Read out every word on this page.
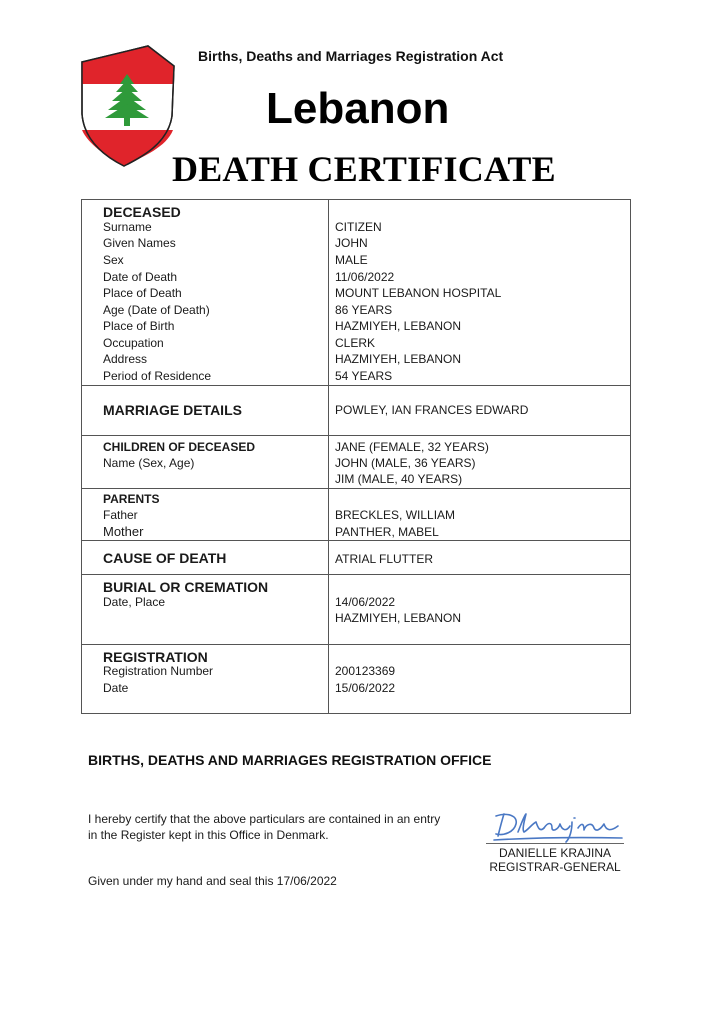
Births, Deaths and Marriages Registration Act
Lebanon
DEATH CERTIFICATE
DECEASED
Surname	CITIZEN
Given Names	JOHN
Sex	MALE
Date of Death	11/06/2022
Place of Death	MOUNT LEBANON HOSPITAL
Age (Date of Death)	86 YEARS
Place of Birth	HAZMIYEH, LEBANON
Occupation	CLERK
Address	HAZMIYEH, LEBANON
Period of Residence	54 YEARS
MARRIAGE DETAILS	POWLEY, IAN FRANCES EDWARD
CHILDREN OF DECEASED
Name (Sex, Age)
JANE (FEMALE, 32 YEARS)
JOHN (MALE, 36 YEARS)
JIM (MALE, 40 YEARS)
PARENTS
Father	BRECKLES, WILLIAM
Mother	PANTHER, MABEL
CAUSE OF DEATH	ATRIAL FLUTTER
BURIAL OR CREMATION
Date, Place	14/06/2022
HAZMIYEH, LEBANON
REGISTRATION
Registration Number	200123369
Date	15/06/2022
BIRTHS, DEATHS AND MARRIAGES REGISTRATION OFFICE
I hereby certify that the above particulars are contained in an entry
in the Register kept in this Office in Denmark.
Given under my hand and seal this 17/06/2022
DANIELLE KRAJINA
REGISTRAR-GENERAL
